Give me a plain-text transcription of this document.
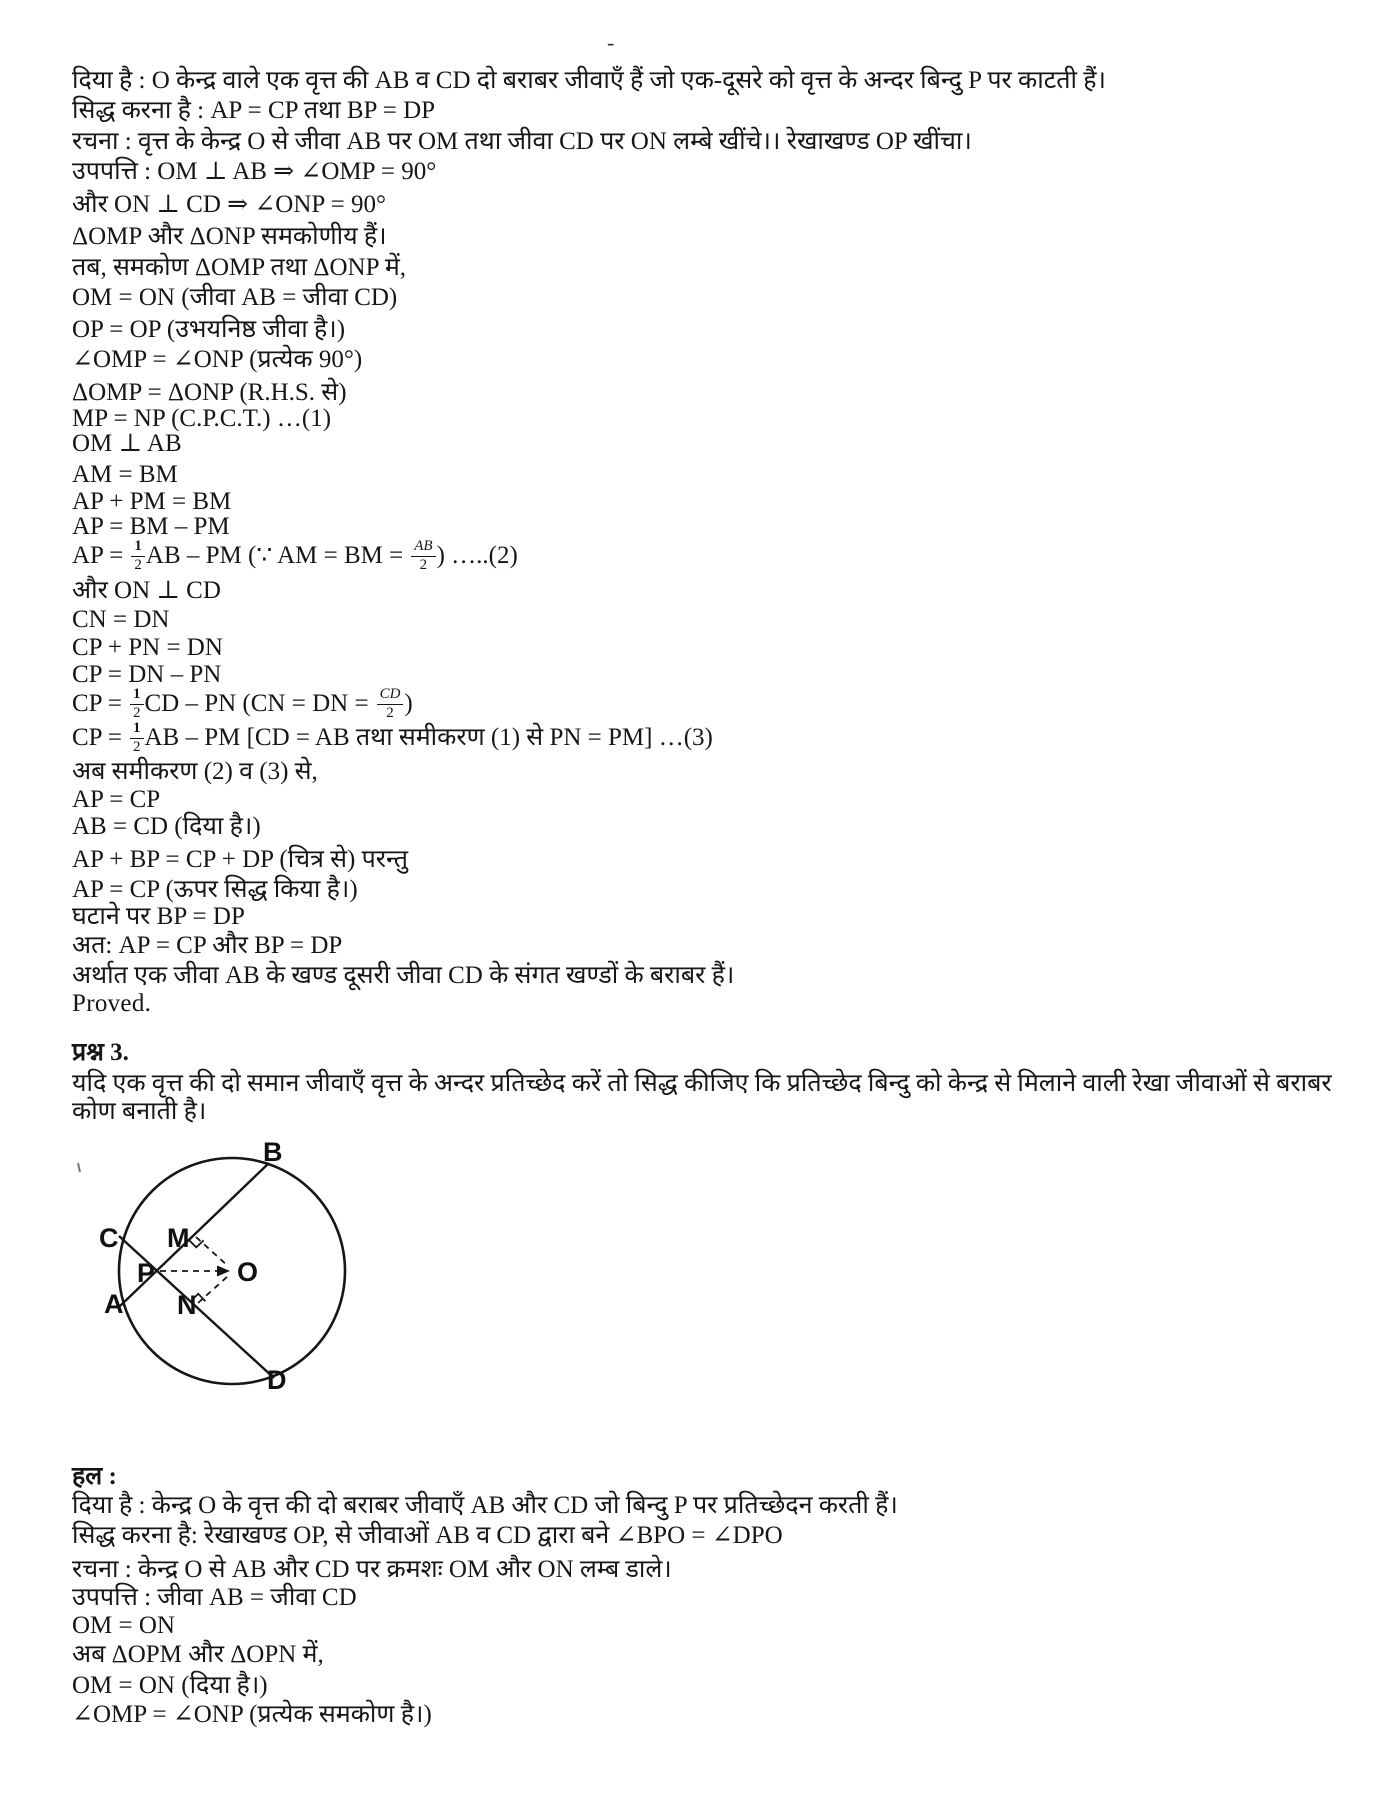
-
दिया है : O केन्द्र वाले एक वृत्त की AB व CD दो बराबर जीवाएँ हैं जो एक-दूसरे को वृत्त के अन्दर बिन्दु P पर काटती हैं।
सिद्ध करना है : AP = CP तथा BP = DP
रचना : वृत्त के केन्द्र O से जीवा AB पर OM तथा जीवा CD पर ON लम्बे खींचे।। रेखाखण्ड OP खींचा।
उपपत्ति : OM ⊥ AB ⇒ ∠OMP = 90°
और ON ⊥ CD ⇒ ∠ONP = 90°
ΔOMP और ΔONP समकोणीय हैं।
तब, समकोण ΔOMP तथा ΔONP में,
OM = ON (जीवा AB = जीवा CD)
OP = OP (उभयनिष्ठ जीवा है।)
∠OMP = ∠ONP (प्रत्येक 90°)
ΔOMP = ΔONP (R.H.S. से)
MP = NP (C.P.C.T.) …(1)
OM ⊥ AB
AM = BM
AP + PM = BM
AP = BM – PM
AP = $\frac{1}{2}$ AB – PM (∵ AM = BM = $\frac{AB}{2}$ ) …..(2)
और ON ⊥ CD
CN = DN
CP + PN = DN
CP = DN – PN
CP = $\frac{1}{2}$ CD – PN (CN = DN = $\frac{CD}{2}$ )
CP = $\frac{1}{2}$ AB – PM [CD = AB तथा समीकरण (1) से PN = PM] …(3)
अब समीकरण (2) व (3) से,
AP = CP
AB = CD (दिया है।)
AP + BP = CP + DP (चित्र से) परन्तु
AP = CP (ऊपर सिद्ध किया है।)
घटाने पर BP = DP
अत: AP = CP और BP = DP
अर्थात एक जीवा AB के खण्ड दूसरी जीवा CD के संगत खण्डों के बराबर हैं।
Proved.
प्रश्न 3.
यदि एक वृत्त की दो समान जीवाएँ वृत्त के अन्दर प्रतिच्छेद करें तो सिद्ध कीजिए कि प्रतिच्छेद बिन्दु को केन्द्र से मिलाने वाली रेखा जीवाओं से बराबर
कोण बनाती है।
B
C M
P	O
A N
D
हल :
दिया है : केन्द्र O के वृत्त की दो बराबर जीवाएँ AB और CD जो बिन्दु P पर प्रतिच्छेदन करती हैं।
सिद्ध करना है: रेखाखण्ड OP, से जीवाओं AB व CD द्वारा बने ∠BPO = ∠DPO
रचना : केन्द्र O से AB और CD पर क्रमशः OM और ON लम्ब डाले।
उपपत्ति : जीवा AB = जीवा CD
OM = ON
अब ΔOPM और ΔOPN में,
OM = ON (दिया है।)
∠OMP = ∠ONP (प्रत्येक समकोण है।)
